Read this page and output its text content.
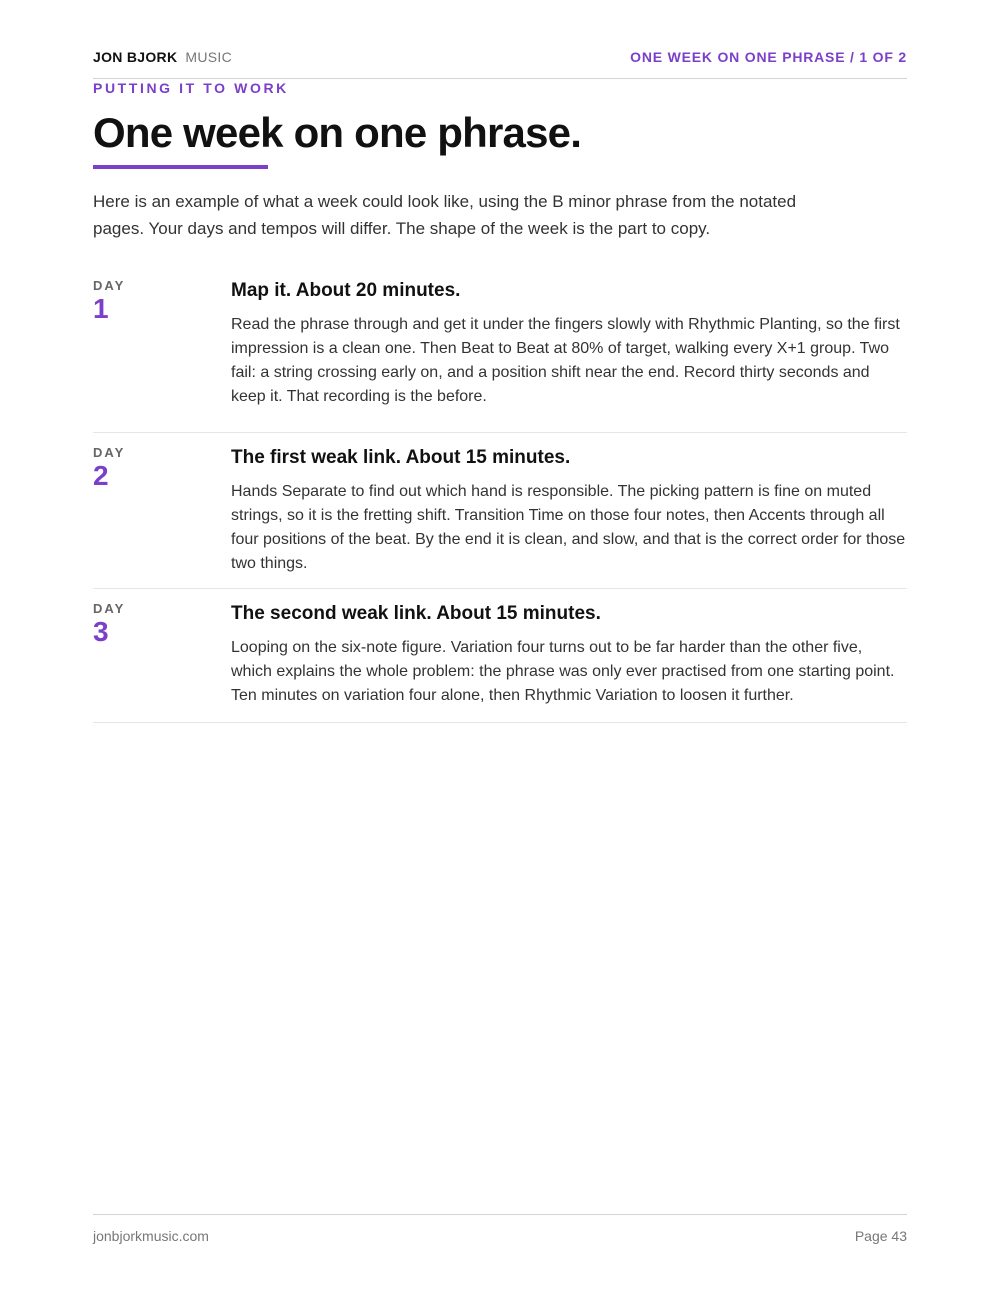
JON BJORK MUSIC	ONE WEEK ON ONE PHRASE / 1 OF 2
PUTTING IT TO WORK
One week on one phrase.

Here is an example of what a week could look like, using the B minor phrase from the notated pages. Your days and tempos will differ. The shape of the week is the part to copy.

DAY
1
Map it. About 20 minutes.

Read the phrase through and get it under the fingers slowly with Rhythmic Planting, so the first impression is a clean one. Then Beat to Beat at 80% of target, walking every X+1 group. Two fail: a string crossing early on, and a position shift near the end. Record thirty seconds and keep it. That recording is the before.

DAY
2
The first weak link. About 15 minutes.

Hands Separate to find out which hand is responsible. The picking pattern is fine on muted strings, so it is the fretting shift. Transition Time on those four notes, then Accents through all four positions of the beat. By the end it is clean, and slow, and that is the correct order for those two things.

DAY
3
The second weak link. About 15 minutes.

Looping on the six-note figure. Variation four turns out to be far harder than the other five, which explains the whole problem: the phrase was only ever practised from one starting point. Ten minutes on variation four alone, then Rhythmic Variation to loosen it further.

jonbjorkmusic.com	Page 43
